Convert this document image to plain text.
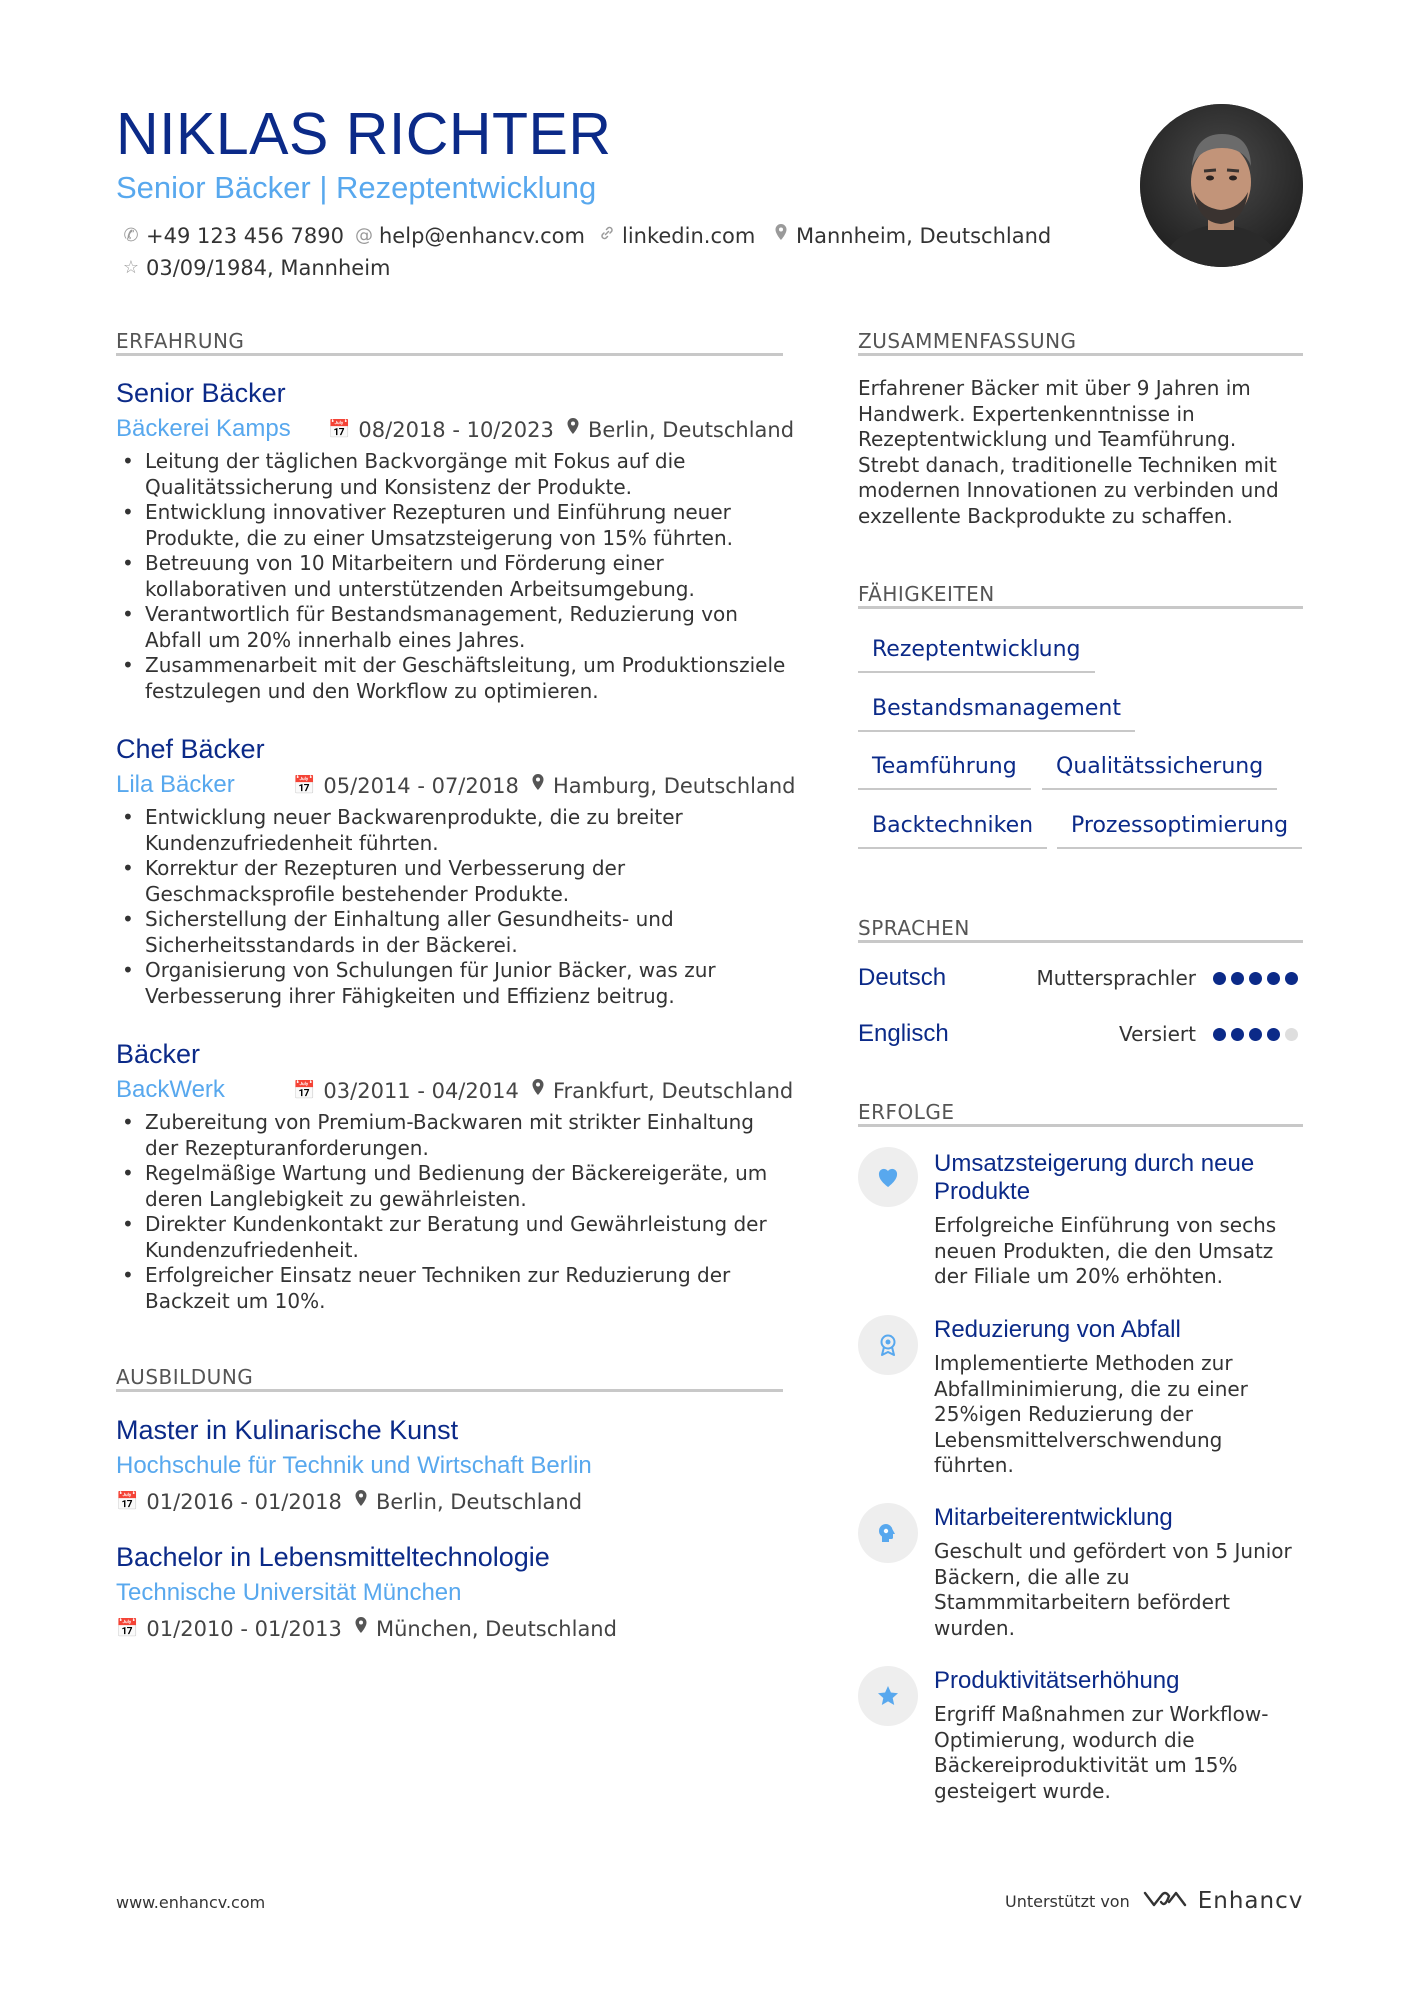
NIKLAS RICHTER
Senior Bäcker | Rezeptentwicklung
✆ +49 123 456 7890 @ help@enhancv.com linkedin.com Mannheim, Deutschland
☆ 03/09/1984, Mannheim
ERFAHRUNG
Senior Bäcker
Bäckerei Kamps 📅 08/2018 - 10/2023 Berlin, Deutschland
• Leitung der täglichen Backvorgänge mit Fokus auf die Qualitätssicherung und Konsistenz der Produkte.
• Entwicklung innovativer Rezepturen und Einführung neuer Produkte, die zu einer Umsatzsteigerung von 15% führten.
• Betreuung von 10 Mitarbeitern und Förderung einer kollaborativen und unterstützenden Arbeitsumgebung.
• Verantwortlich für Bestandsmanagement, Reduzierung von Abfall um 20% innerhalb eines Jahres.
• Zusammenarbeit mit der Geschäftsleitung, um Produktionsziele festzulegen und den Workflow zu optimieren.
Chef Bäcker
Lila Bäcker	📅 05/2014 - 07/2018 Hamburg, Deutschland
• Entwicklung neuer Backwarenprodukte, die zu breiter Kundenzufriedenheit führten.
• Korrektur der Rezepturen und Verbesserung der Geschmacksprofile bestehender Produkte.
• Sicherstellung der Einhaltung aller Gesundheits- und Sicherheitsstandards in der Bäckerei.
• Organisierung von Schulungen für Junior Bäcker, was zur Verbesserung ihrer Fähigkeiten und Effizienz beitrug.
Bäcker
BackWerk	📅 03/2011 - 04/2014 Frankfurt, Deutschland
• Zubereitung von Premium-Backwaren mit strikter Einhaltung der Rezepturanforderungen.
• Regelmäßige Wartung und Bedienung der Bäckereigeräte, um deren Langlebigkeit zu gewährleisten.
• Direkter Kundenkontakt zur Beratung und Gewährleistung der Kundenzufriedenheit.
• Erfolgreicher Einsatz neuer Techniken zur Reduzierung der Backzeit um 10%.
AUSBILDUNG
Master in Kulinarische Kunst
Hochschule für Technik und Wirtschaft Berlin
📅 01/2016 - 01/2018 Berlin, Deutschland
Bachelor in Lebensmitteltechnologie
Technische Universität München
📅 01/2010 - 01/2013 München, Deutschland
ZUSAMMENFASSUNG
Erfahrener Bäcker mit über 9 Jahren im Handwerk. Expertenkenntnisse in Rezeptentwicklung und Teamführung. Strebt danach, traditionelle Techniken mit modernen Innovationen zu verbinden und exzellente Backprodukte zu schaffen.
FÄHIGKEITEN
Rezeptentwicklung
Bestandsmanagement
Teamführung	Qualitätssicherung
Backtechniken	Prozessoptimierung
SPRACHEN
Deutsch	Muttersprachler
Englisch	Versiert
ERFOLGE
Umsatzsteigerung durch neue Produkte
Erfolgreiche Einführung von sechs neuen Produkten, die den Umsatz der Filiale um 20% erhöhten.
Reduzierung von Abfall
Implementierte Methoden zur Abfallminimierung, die zu einer 25%igen Reduzierung der Lebensmittelverschwendung führten.
Mitarbeiterentwicklung
Geschult und gefördert von 5 Junior Bäckern, die alle zu Stammmitarbeitern befördert wurden.
Produktivitätserhöhung
Ergriff Maßnahmen zur Workflow-Optimierung, wodurch die Bäckereiproduktivität um 15% gesteigert wurde.
www.enhancv.com	Unterstützt von	Enhancv
